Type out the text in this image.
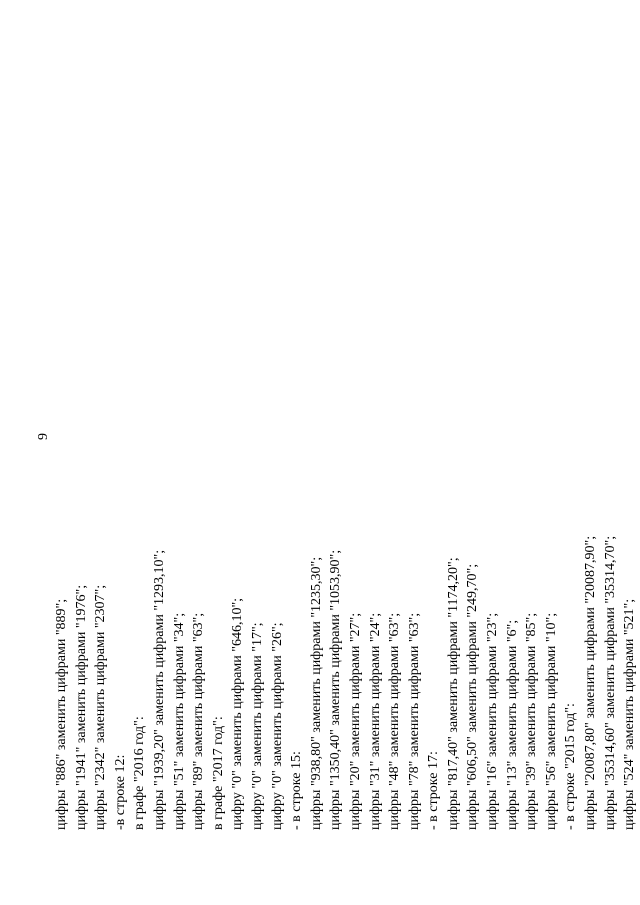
9
цифры "886" заменить цифрами "889"; цифры "1941" заменить цифрами "1976"; цифры "2342" заменить цифрами "2307"; -в строке 12: в графе "2016 год": цифры "1939,20" заменить цифрами "1293,10"; цифры "51" заменить цифрами "34"; цифры "89" заменить цифрами "63"; в графе "2017 год": цифру "0" заменить цифрами "646,10"; цифру "0" заменить цифрами "17"; цифру "0" заменить цифрами "26"; - в строке 15: цифры "938,80" заменить цифрами "1235,30"; цифры "1350,40" заменить цифрами "1053,90"; цифры "20" заменить цифрами "27"; цифры "31" заменить цифрами "24"; цифры "48" заменить цифрами "63"; цифры "78" заменить цифрами "63"; - в строке 17: цифры "817,40" заменить цифрами "1174,20"; цифры "606,50" заменить цифрами "249,70"; цифры "16" заменить цифрами "23"; цифры "13" заменить цифрами "6"; цифры "39" заменить цифрами "85"; цифры "56" заменить цифрами "10"; - в строке "2015 год": цифры "20087,80" заменить цифрами "20087,90"; цифры "35314,60" заменить цифрами "35314,70"; цифры "524" заменить цифрами "521";
